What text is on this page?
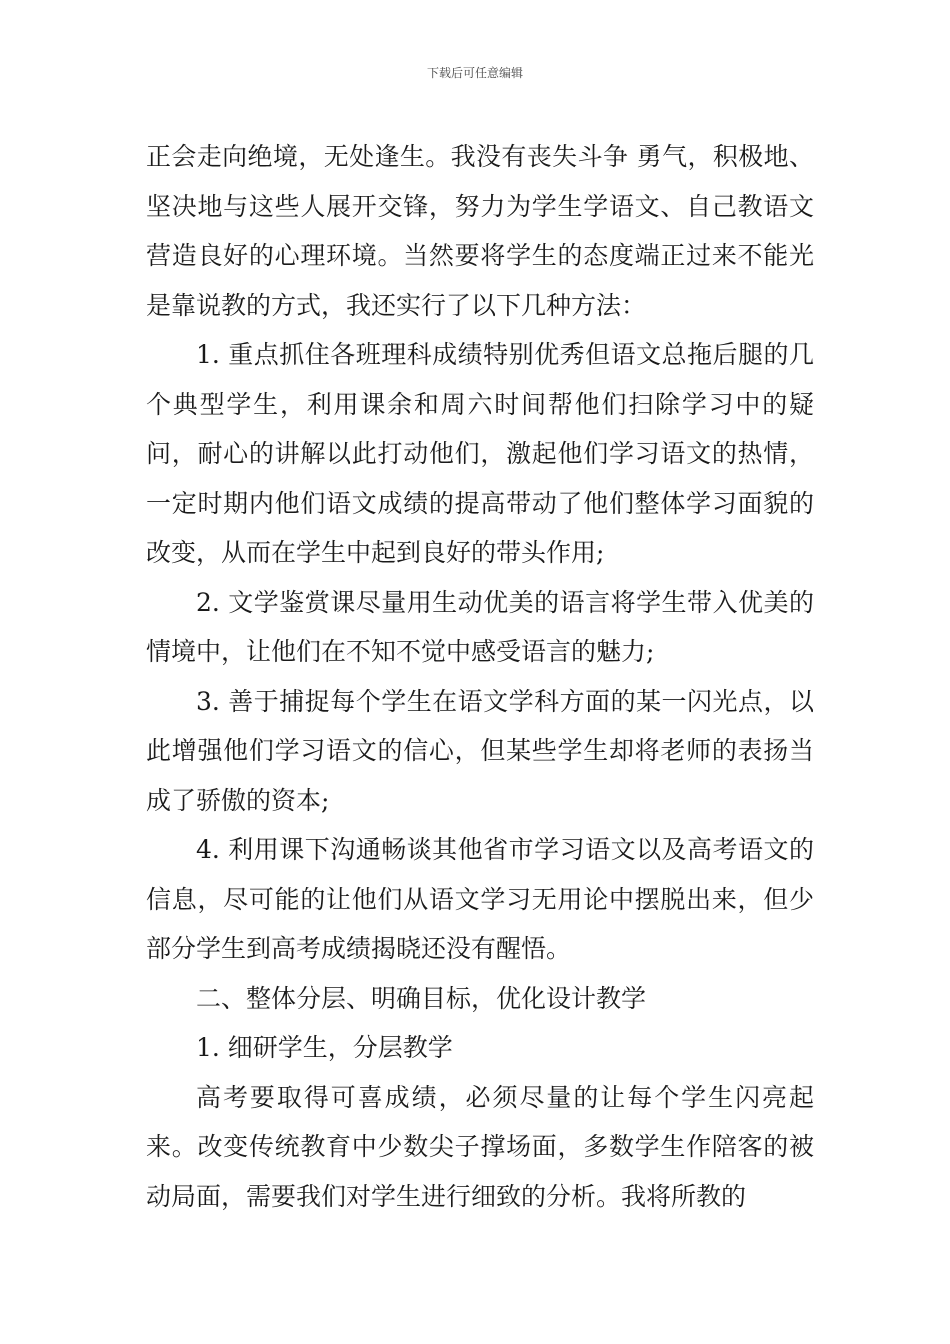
下载后可任意编辑

正会走向绝境，无处逢生。我没有丧失斗争 勇气，积极地、坚决地与这些人展开交锋，努力为学生学语文、自己教语文营造良好的心理环境。当然要将学生的态度端正过来不能光是靠说教的方式，我还实行了以下几种方法：

1. 重点抓住各班理科成绩特别优秀但语文总拖后腿的几个典型学生，利用课余和周六时间帮他们扫除学习中的疑问，耐心的讲解以此打动他们，激起他们学习语文的热情，一定时期内他们语文成绩的提高带动了他们整体学习面貌的改变，从而在学生中起到良好的带头作用;

2. 文学鉴赏课尽量用生动优美的语言将学生带入优美的情境中，让他们在不知不觉中感受语言的魅力;

3. 善于捕捉每个学生在语文学科方面的某一闪光点，以此增强他们学习语文的信心，但某些学生却将老师的表扬当成了骄傲的资本;

4. 利用课下沟通畅谈其他省市学习语文以及高考语文的信息，尽可能的让他们从语文学习无用论中摆脱出来，但少部分学生到高考成绩揭晓还没有醒悟。

二、整体分层、明确目标，优化设计教学

1. 细研学生，分层教学

高考要取得可喜成绩，必须尽量的让每个学生闪亮起来。改变传统教育中少数尖子撑场面，多数学生作陪客的被动局面，需要我们对学生进行细致的分析。我将所教的
